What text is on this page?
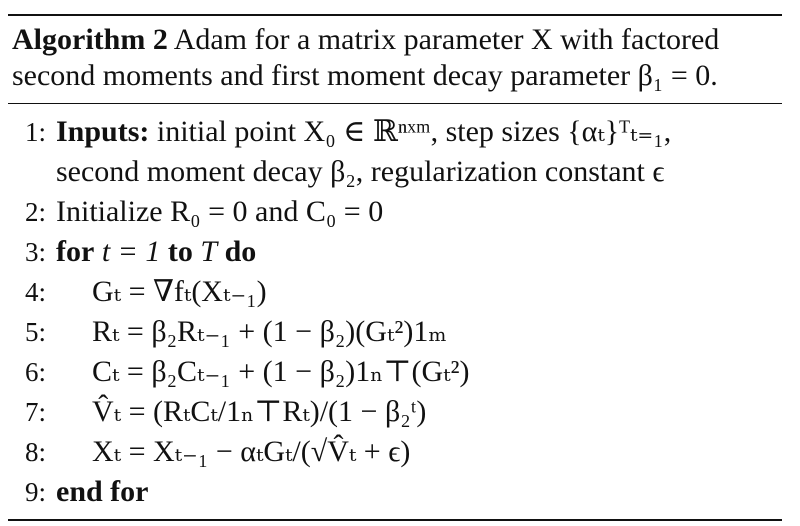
Algorithm 2 Adam for a matrix parameter X with factored
second moments and first moment decay parameter β₁ = 0.
1: Inputs: initial point X₀ ∈ ℝⁿˣᵐ, step sizes {αₜ}ᵀₜ₌₁,
second moment decay β₂, regularization constant ϵ
2: Initialize R₀ = 0 and C₀ = 0
3: for t = 1 to T do
4:	Gₜ = ∇fₜ(Xₜ₋₁)
5:	Rₜ = β₂Rₜ₋₁ + (1 − β₂)(Gₜ²)1ₘ
6:	Cₜ = β₂Cₜ₋₁ + (1 − β₂)1ₙ⊤(Gₜ²)
7:	V̂ₜ = (RₜCₜ/1ₙ⊤Rₜ)/(1 − β₂ᵗ)
8:	Xₜ = Xₜ₋₁ − αₜGₜ/(√V̂ₜ + ϵ)
9: end for
